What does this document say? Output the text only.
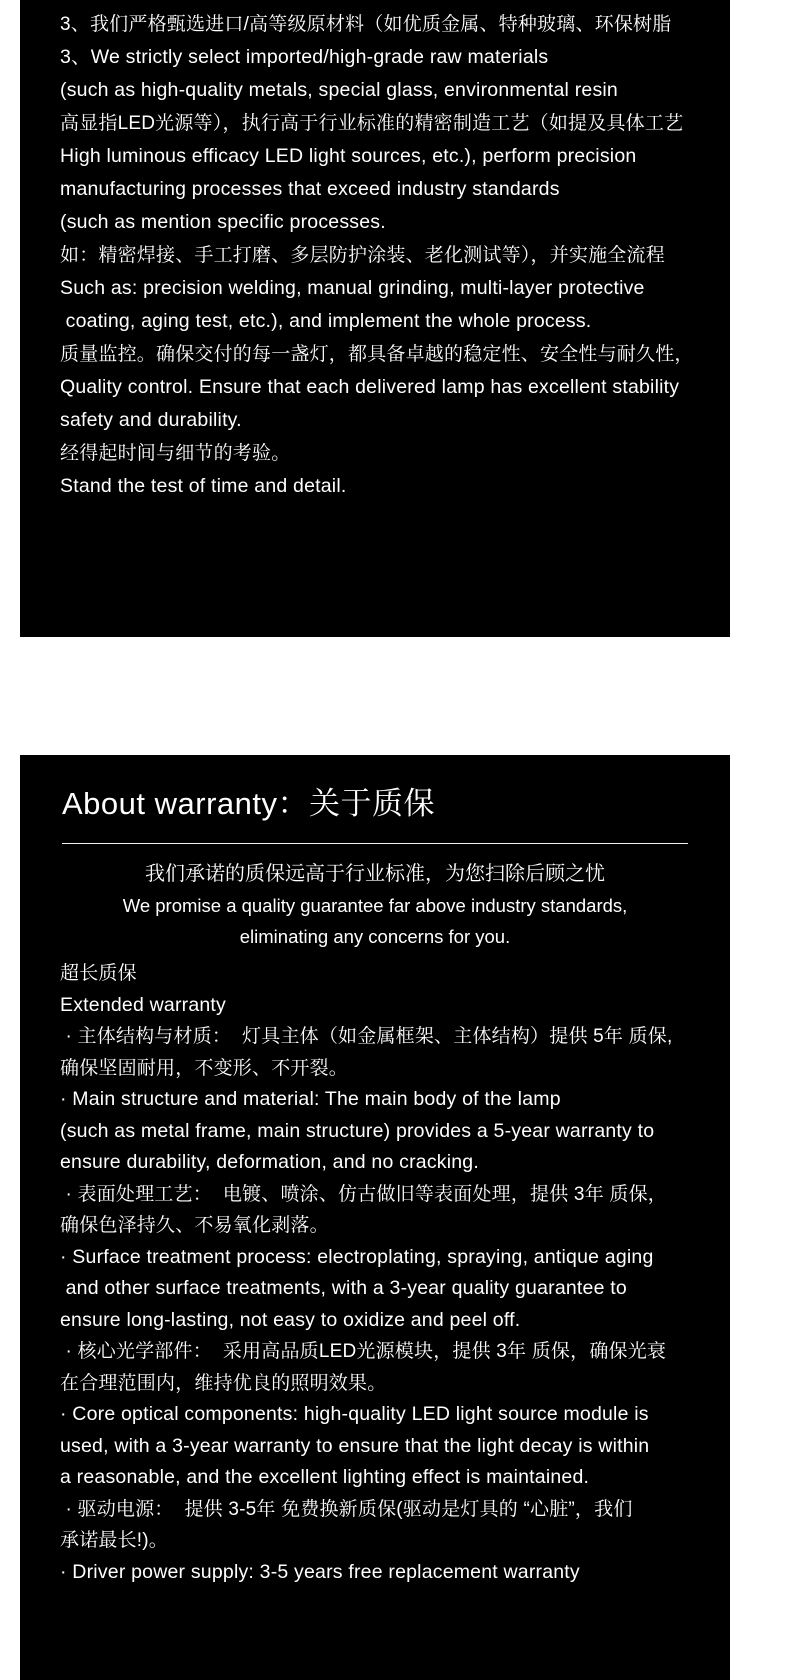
3、我们严格甄选进口/高等级原材料（如优质金属、特种玻璃、环保树脂
3、We strictly select imported/high-grade raw materials
(such as high-quality metals, special glass, environmental resin
高显指LED光源等），执行高于行业标准的精密制造工艺（如提及具体工艺
High luminous efficacy LED light sources, etc.), perform precision
manufacturing processes that exceed industry standards
(such as mention specific processes.
如：精密焊接、手工打磨、多层防护涂装、老化测试等），并实施全流程
Such as: precision welding, manual grinding, multi-layer protective
coating, aging test, etc.), and implement the whole process.
质量监控。确保交付的每一盏灯，都具备卓越的稳定性、安全性与耐久性，
Quality control. Ensure that each delivered lamp has excellent stability
safety and durability.
经得起时间与细节的考验。
Stand the test of time and detail.
About warranty：关于质保
我们承诺的质保远高于行业标准，为您扫除后顾之忧
We promise a quality guarantee far above industry standards,
eliminating any concerns for you.
超长质保
Extended warranty
· 主体结构与材质：  灯具主体（如金属框架、主体结构）提供 5年 质保,
确保坚固耐用，不变形、不开裂。
· Main structure and material: The main body of the lamp
(such as metal frame, main structure) provides a 5-year warranty to
ensure durability, deformation, and no cracking.
· 表面处理工艺：  电镀、喷涂、仿古做旧等表面处理，提供 3年 质保，
确保色泽持久、不易氧化剥落。
· Surface treatment process: electroplating, spraying, antique aging
and other surface treatments, with a 3-year quality guarantee to
ensure long-lasting, not easy to oxidize and peel off.
· 核心光学部件：  采用高品质LED光源模块，提供 3年 质保，确保光衰
在合理范围内，维持优良的照明效果。
· Core optical components: high-quality LED light source module is
used, with a 3-year warranty to ensure that the light decay is within
a reasonable, and the excellent lighting effect is maintained.
· 驱动电源：  提供 3-5年 免费换新质保(驱动是灯具的 “心脏”，我们
承诺最长!)。
· Driver power supply: 3-5 years free replacement warranty
